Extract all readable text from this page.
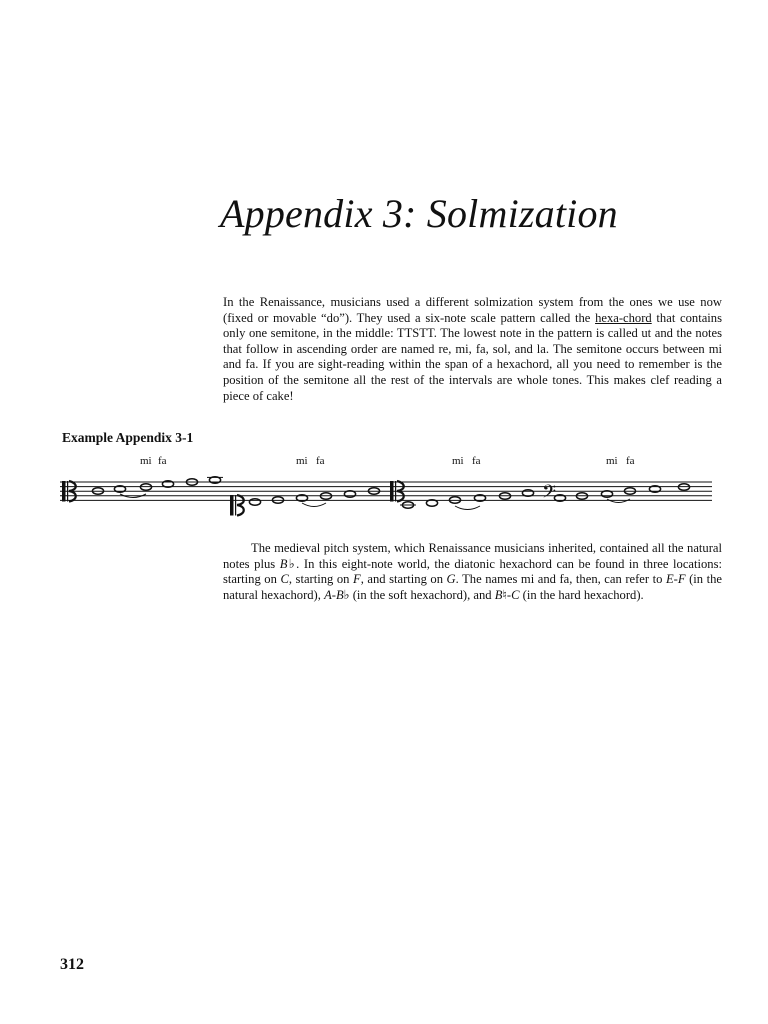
Appendix 3: Solmization

In the Renaissance, musicians used a different solmization system from the ones we use now (fixed or movable “do”). They used a six-note scale pattern called the hexa-chord that contains only one semitone, in the middle: TTSTT. The lowest note in the pattern is called ut and the notes that follow in ascending order are named re, mi, fa, sol, and la. The semitone occurs between mi and fa. If you are sight-reading within the span of a hexachord, all you need to remember is the position of the semitone all the rest of the intervals are whole tones. This makes clef reading a piece of cake!

Example Appendix 3-1
𝄢
mi fa	mi fa	mi fa	mi fa

The medieval pitch system, which Renaissance musicians inherited, contained all the natural notes plus B♭. In this eight-note world, the diatonic hexachord can be found in three locations: starting on C, starting on F, and starting on G. The names mi and fa, then, can refer to E-F (in the natural hexachord), A-B♭ (in the soft hexachord), and B♮-C (in the hard hexachord).

312
